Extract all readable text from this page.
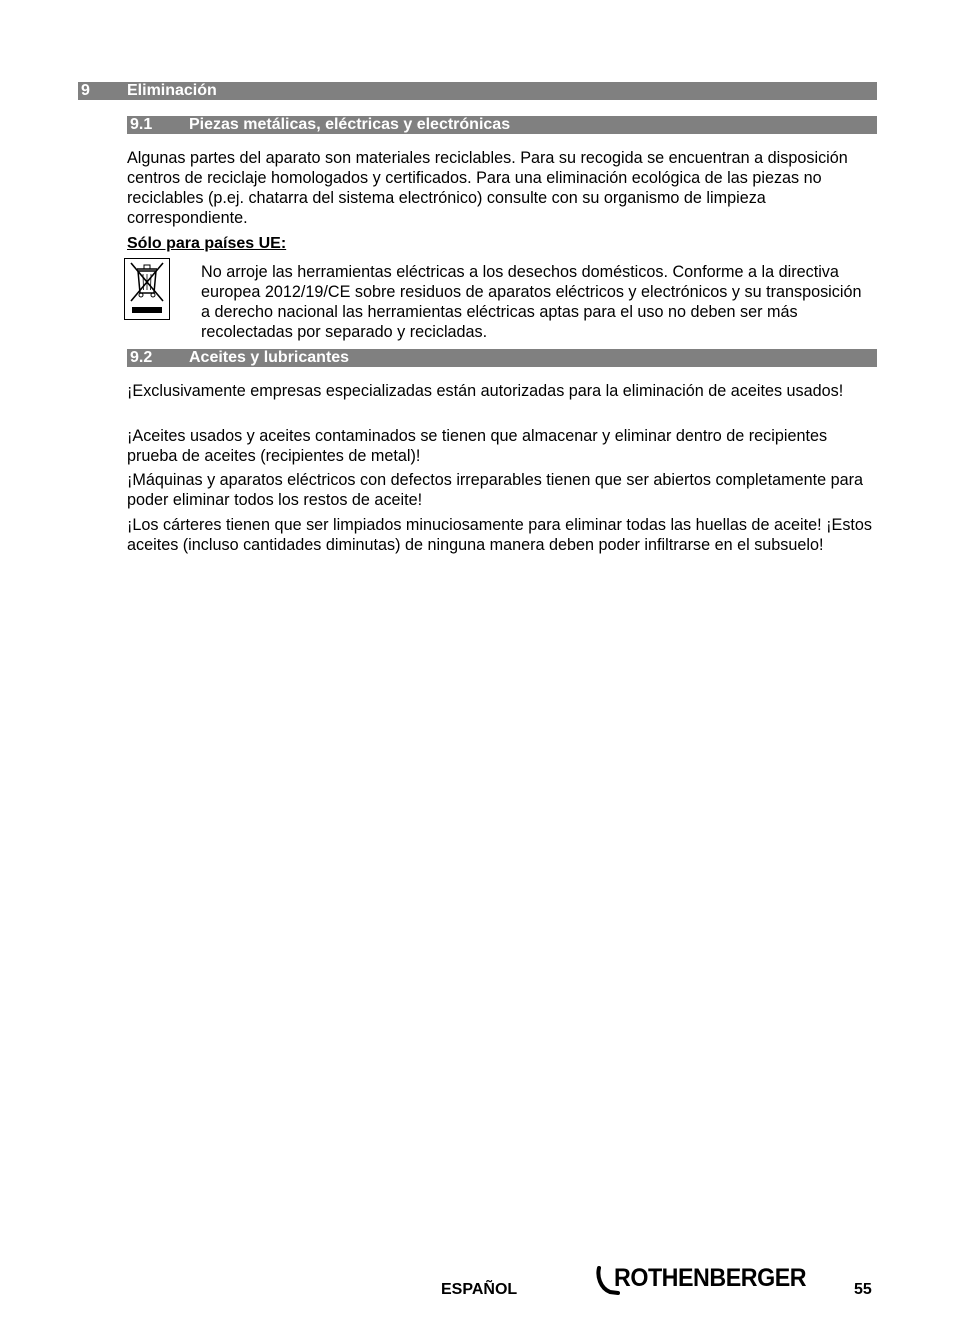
9 Eliminación
9.1 Piezas metálicas, eléctricas y electrónicas

Algunas partes del aparato son materiales reciclables. Para su recogida se encuentran a disposición centros de reciclaje homologados y certificados. Para una eliminación ecológica de las piezas no reciclables (p.ej. chatarra del sistema electrónico) consulte con su organismo de limpieza correspondiente.

Sólo para países UE:

No arroje las herramientas eléctricas a los desechos domésticos. Conforme a la directiva europea 2012/19/CE sobre residuos de aparatos eléctricos y electrónicos y su transposición a derecho nacional las herramientas eléctricas aptas para el uso no deben ser más recolectadas por separado y recicladas.

9.2 Aceites y lubricantes

¡Exclusivamente empresas especializadas están autorizadas para la eliminación de aceites usados!

¡Aceites usados y aceites contaminados se tienen que almacenar y eliminar dentro de recipientes prueba de aceites (recipientes de metal)!

¡Máquinas y aparatos eléctricos con defectos irreparables tienen que ser abiertos completamente para poder eliminar todos los restos de aceite!

¡Los cárteres tienen que ser limpiados minuciosamente para eliminar todas las huellas de aceite! ¡Estos aceites (incluso cantidades diminutas) de ninguna manera deben poder infiltrarse en el subsuelo!

ESPAÑOL	ROTHENBERGER	55
